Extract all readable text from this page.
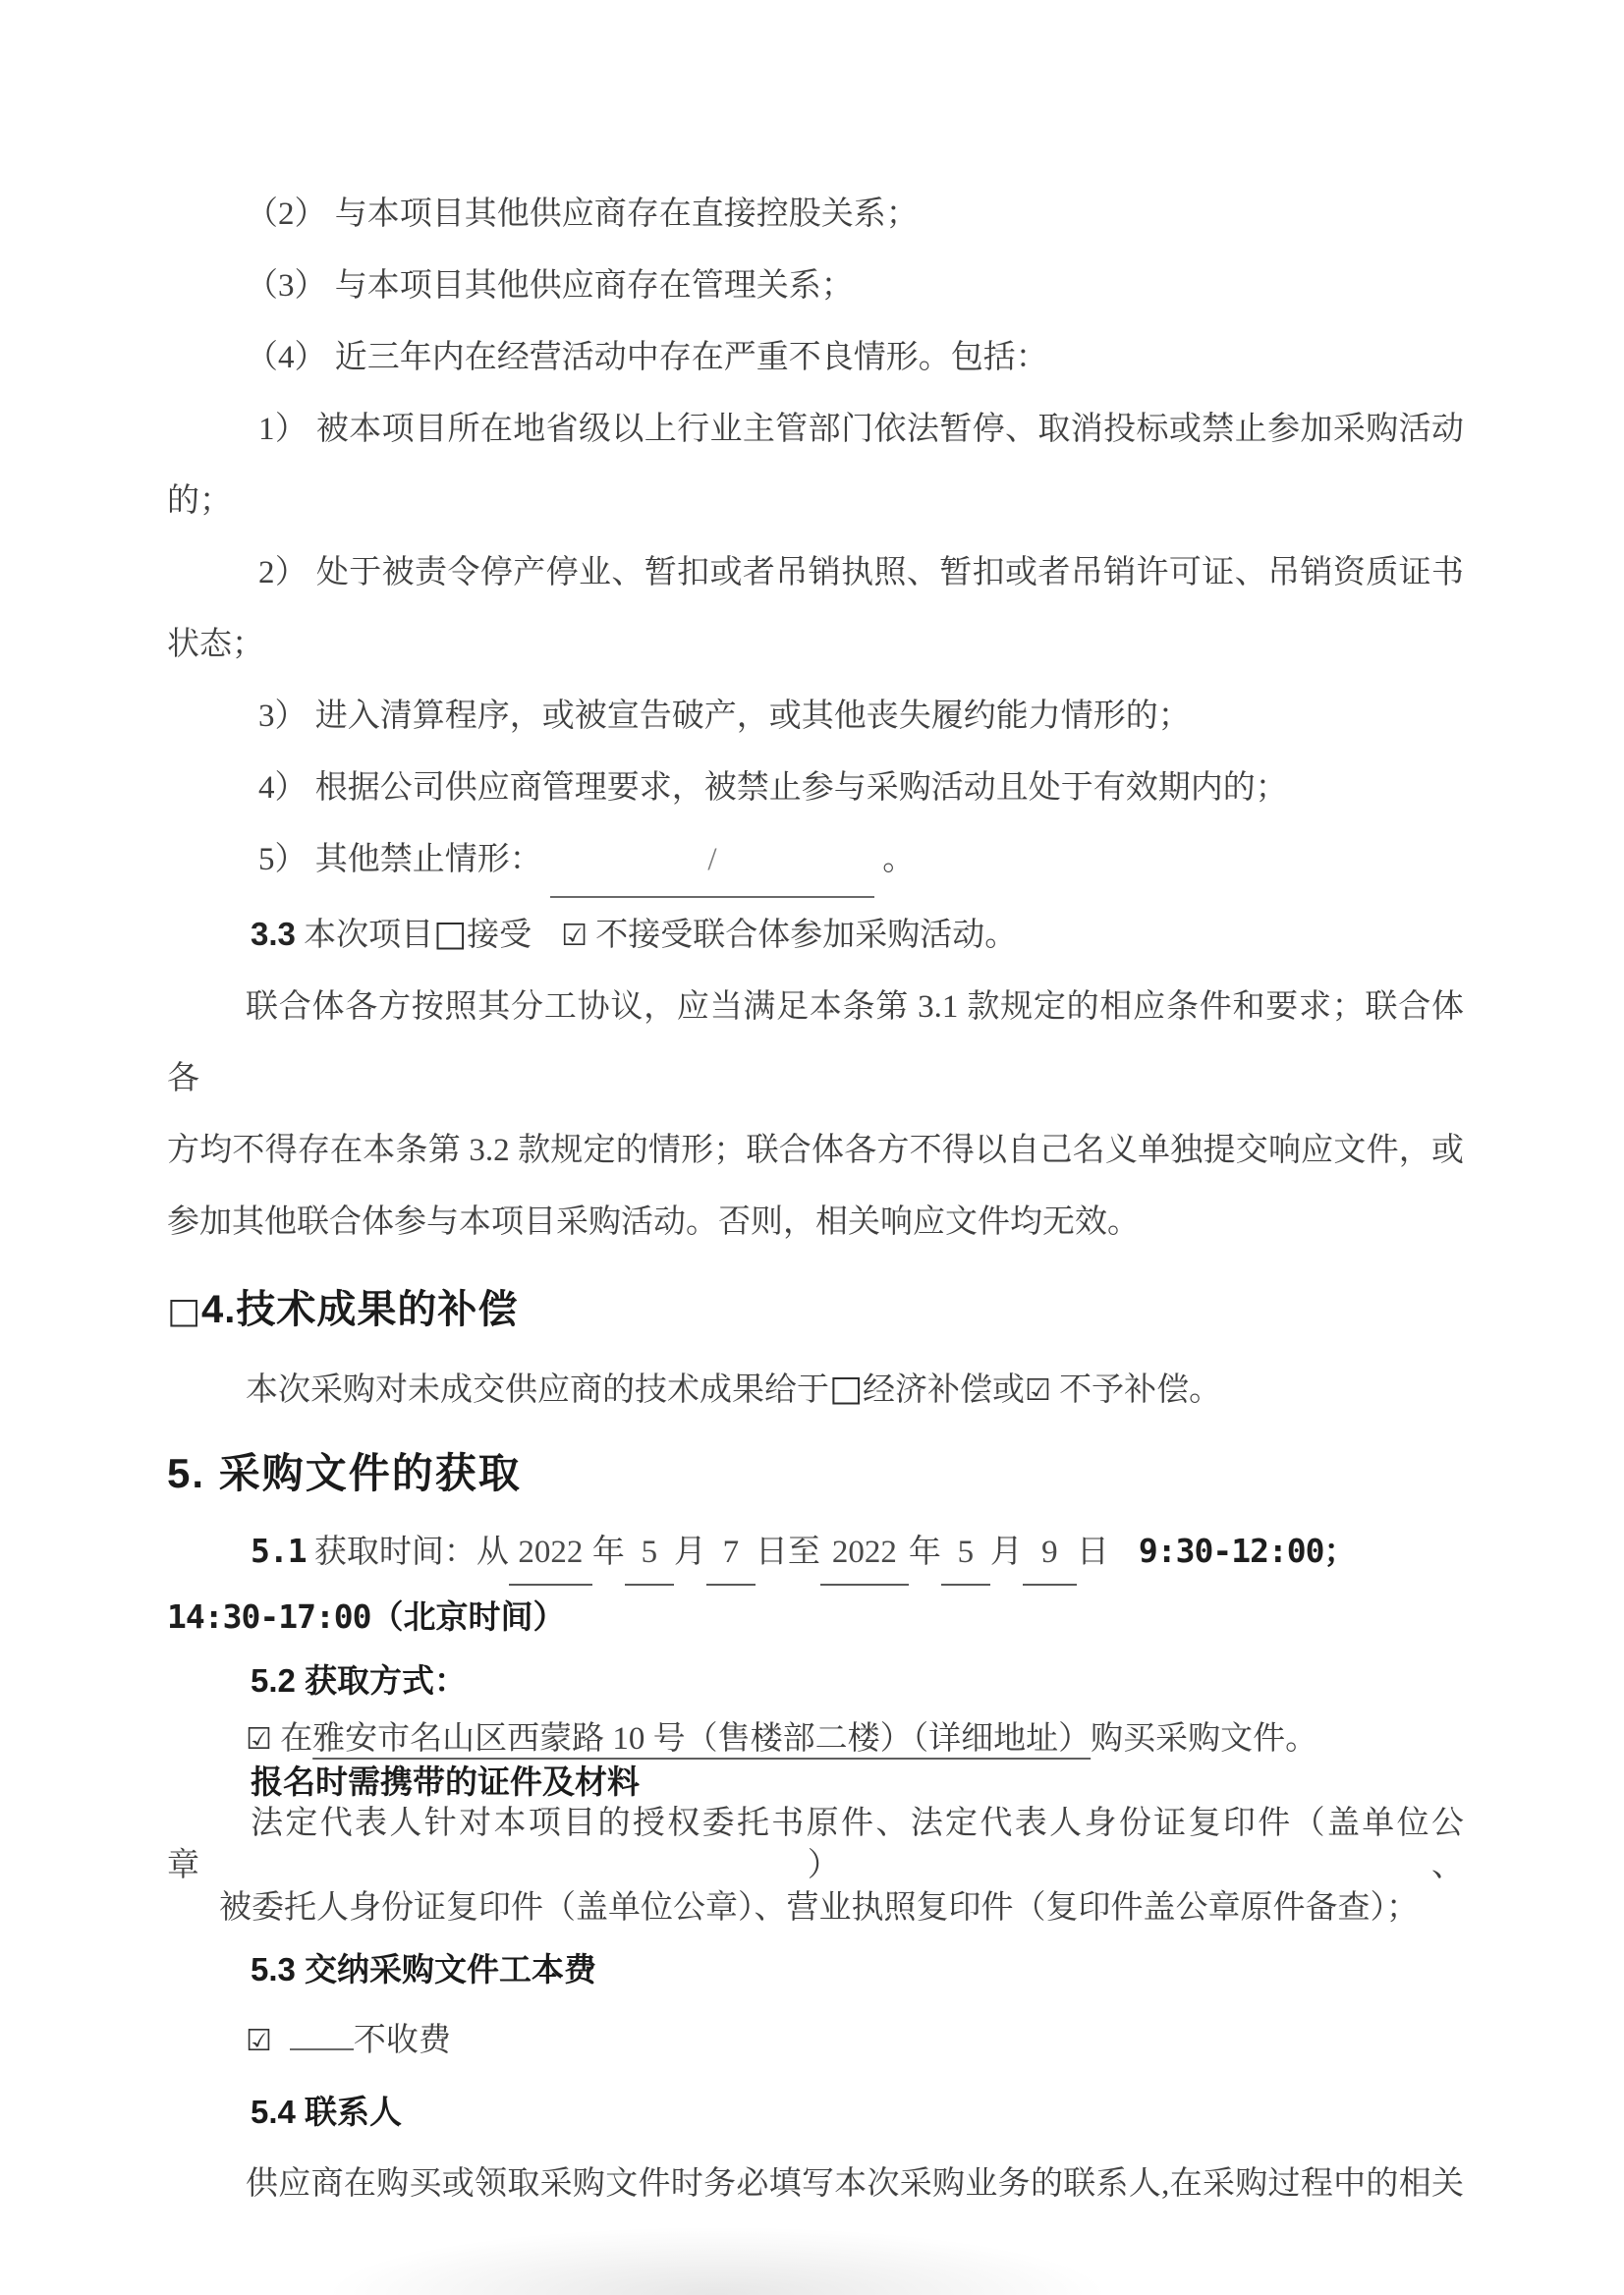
（2） 与本项目其他供应商存在直接控股关系；
（3） 与本项目其他供应商存在管理关系；
（4） 近三年内在经营活动中存在严重不良情形。包括：
1） 被本项目所在地省级以上行业主管部门依法暂停、取消投标或禁止参加采购活动
的；
2） 处于被责令停产停业、暂扣或者吊销执照、暂扣或者吊销许可证、吊销资质证书
状态；
3） 进入清算程序，或被宣告破产，或其他丧失履约能力情形的；
4） 根据公司供应商管理要求，被禁止参与采购活动且处于有效期内的；
5） 其他禁止情形：	/	。
3.3 本次项目□接受 ☑ 不接受联合体参加采购活动。
联合体各方按照其分工协议，应当满足本条第 3.1 款规定的相应条件和要求；联合体各
方均不得存在本条第 3.2 款规定的情形；联合体各方不得以自己名义单独提交响应文件，或
参加其他联合体参与本项目采购活动。否则，相关响应文件均无效。
□4.技术成果的补偿
本次采购对未成交供应商的技术成果给于□经济补偿或☑ 不予补偿。
5. 采购文件的获取
5.1 获取时间：从 2022 年 5 月 7 日至 2022 年 5 月 9 日 9:30-12:00；
14:30-17:00（北京时间）
5.2 获取方式：
☑ 在雅安市名山区西蒙路 10 号（售楼部二楼）（详细地址）购买采购文件。
报名时需携带的证件及材料
法定代表人针对本项目的授权委托书原件、法定代表人身份证复印件（盖单位公章）、
被委托人身份证复印件（盖单位公章）、营业执照复印件（复印件盖公章原件备查）；
5.3 交纳采购文件工本费
☑	不收费
5.4 联系人
供应商在购买或领取采购文件时务必填写本次采购业务的联系人,在采购过程中的相关
